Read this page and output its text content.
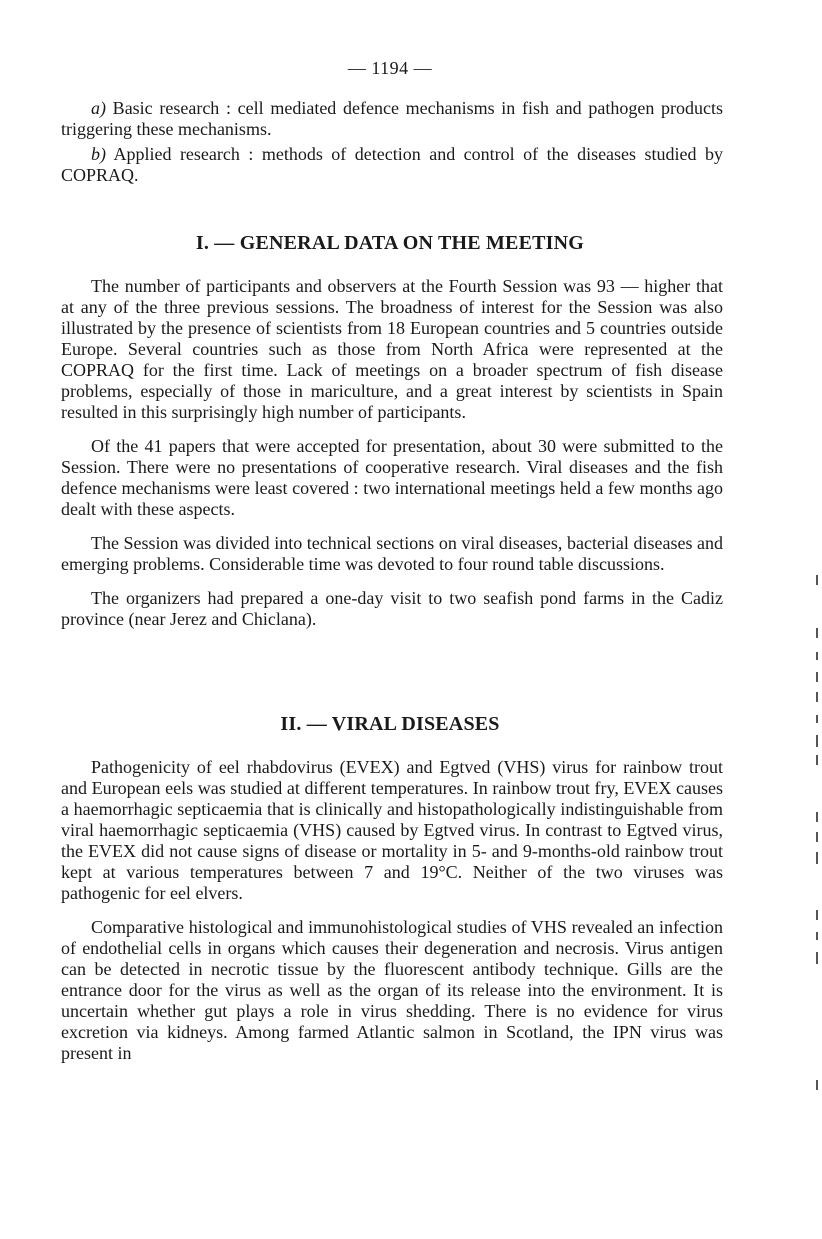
— 1194 —

a) Basic research : cell mediated defence mechanisms in fish and pathogen products triggering these mechanisms.

b) Applied research : methods of detection and control of the diseases studied by COPRAQ.

I. — GENERAL DATA ON THE MEETING

The number of participants and observers at the Fourth Session was 93 — higher that at any of the three previous sessions. The broadness of interest for the Session was also illustrated by the presence of scientists from 18 European countries and 5 countries outside Europe. Several countries such as those from North Africa were represented at the COPRAQ for the first time. Lack of meetings on a broader spectrum of fish disease problems, especially of those in mariculture, and a great interest by scientists in Spain resulted in this surprisingly high number of participants.

Of the 41 papers that were accepted for presentation, about 30 were submitted to the Session. There were no presentations of cooperative research. Viral diseases and the fish defence mechanisms were least covered : two international meetings held a few months ago dealt with these aspects.

The Session was divided into technical sections on viral diseases, bacterial diseases and emerging problems. Considerable time was devoted to four round table discussions.

The organizers had prepared a one-day visit to two seafish pond farms in the Cadiz province (near Jerez and Chiclana).

II. — VIRAL DISEASES

Pathogenicity of eel rhabdovirus (EVEX) and Egtved (VHS) virus for rainbow trout and European eels was studied at different temperatures. In rainbow trout fry, EVEX causes a haemorrhagic septicaemia that is clinically and histopathologically indistinguishable from viral haemorrhagic septicaemia (VHS) caused by Egtved virus. In contrast to Egtved virus, the EVEX did not cause signs of disease or mortality in 5- and 9-months-old rainbow trout kept at various temperatures between 7 and 19°C. Neither of the two viruses was pathogenic for eel elvers.

Comparative histological and immunohistological studies of VHS revealed an infection of endothelial cells in organs which causes their degeneration and necrosis. Virus antigen can be detected in necrotic tissue by the fluorescent antibody technique. Gills are the entrance door for the virus as well as the organ of its release into the environment. It is uncertain whether gut plays a role in virus shedding. There is no evidence for virus excretion via kidneys. Among farmed Atlantic salmon in Scotland, the IPN virus was present in
